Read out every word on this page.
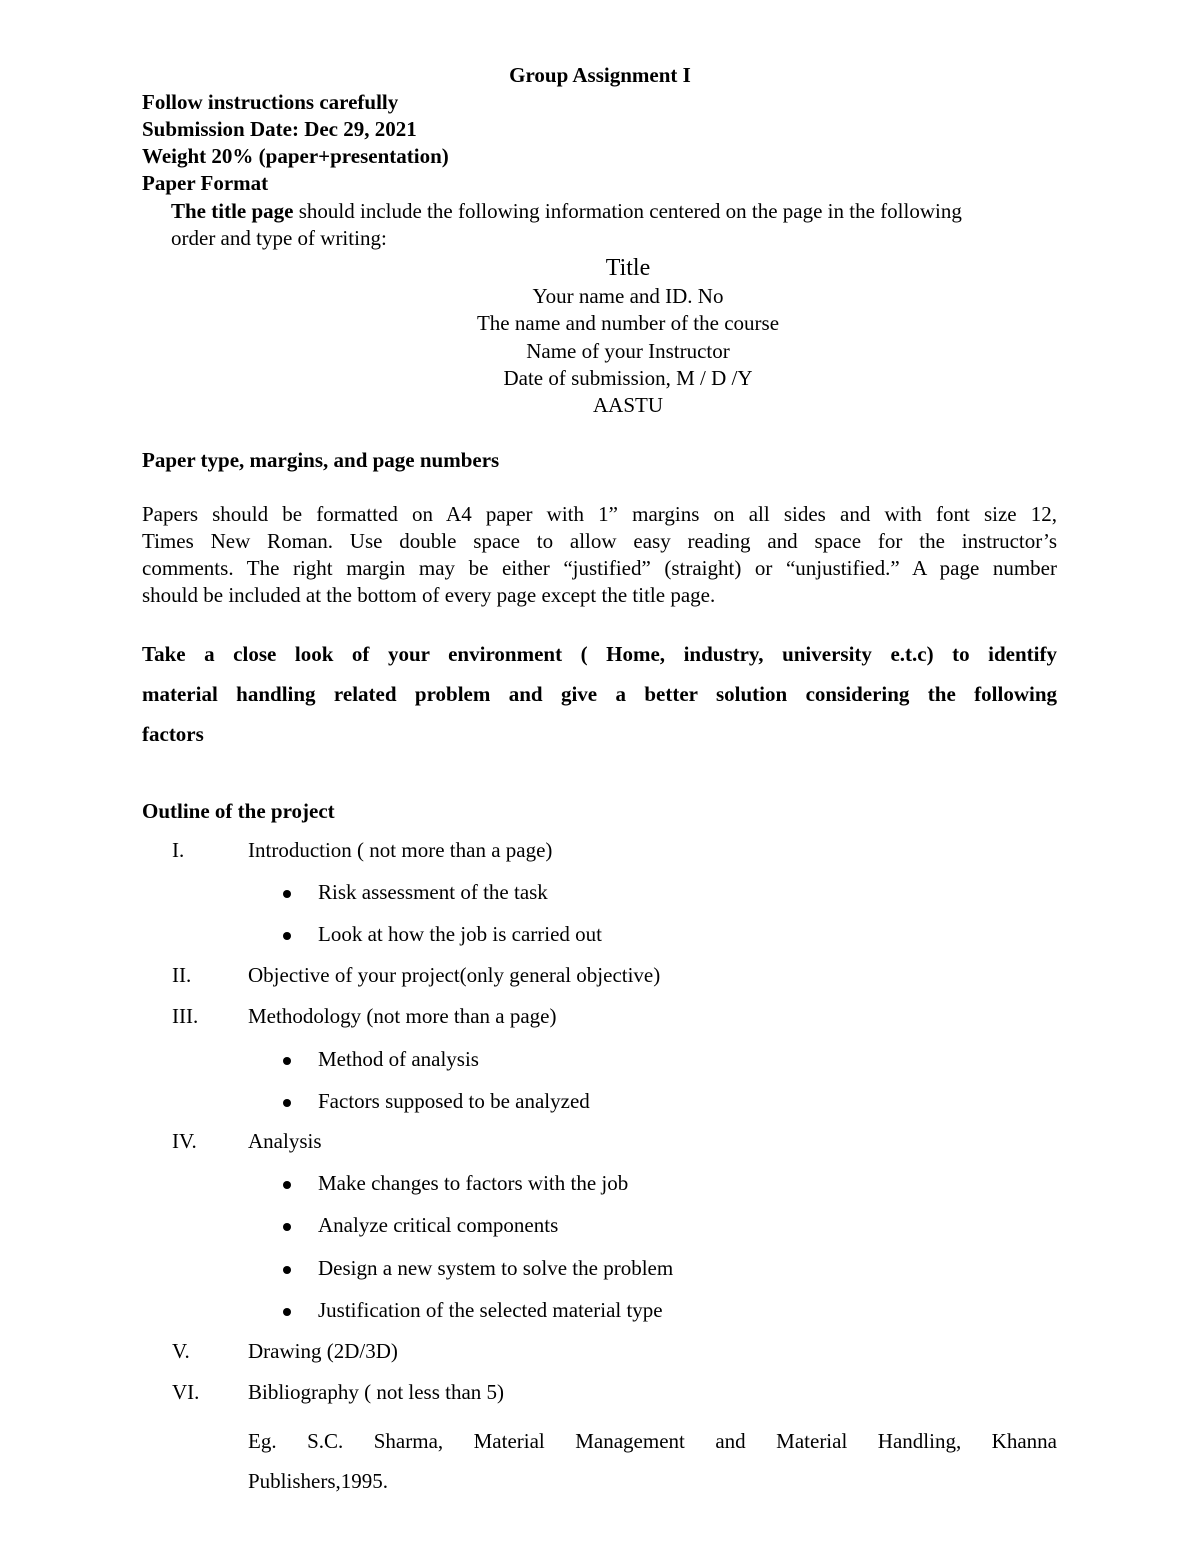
Group Assignment I
Follow instructions carefully
Submission Date: Dec 29, 2021
Weight 20% (paper+presentation)
Paper Format
The title page should include the following information centered on the page in the following
order and type of writing:
Title
Your name and ID. No
The name and number of the course
Name of your Instructor
Date of submission, M / D /Y
AASTU
Paper type, margins, and page numbers
Papers should be formatted on A4 paper with 1” margins on all sides and with font size 12,
Times New Roman. Use double space to allow easy reading and space for the instructor’s
comments. The right margin may be either “justified” (straight) or “unjustified.” A page number
should be included at the bottom of every page except the title page.
Take a close look of your environment ( Home, industry, university e.t.c) to identify
material handling related problem and give a better solution considering the following
factors
Outline of the project
I.	Introduction ( not more than a page)
Risk assessment of the task
Look at how the job is carried out
II.	Objective of your project(only general objective)
III. Methodology (not more than a page)
Method of analysis
Factors supposed to be analyzed
IV. Analysis
Make changes to factors with the job
Analyze critical components
Design a new system to solve the problem
Justification of the selected material type
V.	Drawing (2D/3D)
VI. Bibliography ( not less than 5)
Eg. S.C. Sharma, Material Management and Material Handling, Khanna
Publishers,1995.
